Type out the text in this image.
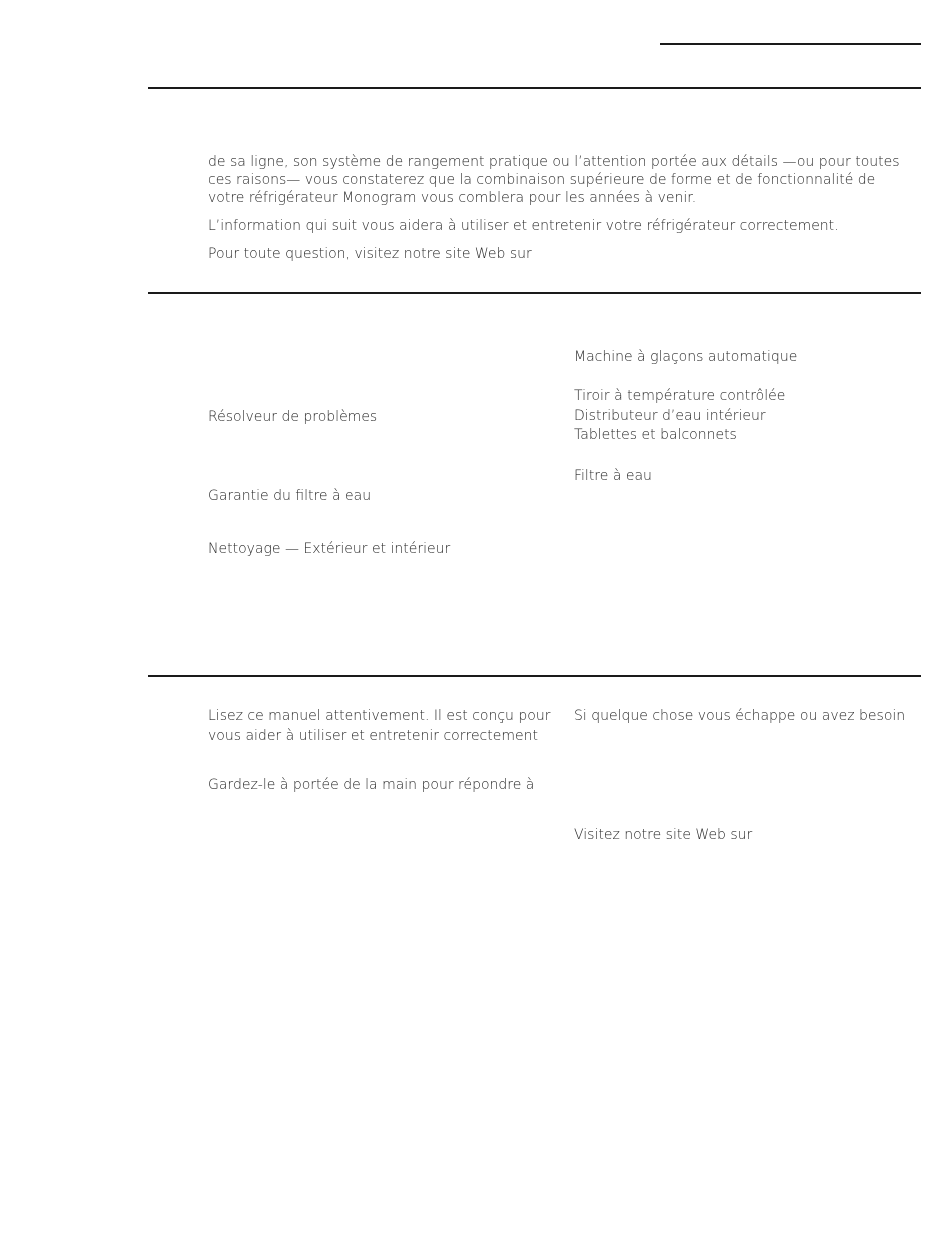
de sa ligne, son système de rangement pratique ou l’attention portée aux détails —ou pour toutes ces raisons— vous constaterez que la combinaison supérieure de forme et de fonctionnalité de votre réfrigérateur Monogram vous comblera pour les années à venir.

L’information qui suit vous aidera à utiliser et entretenir votre réfrigérateur correctement.

Pour toute question, visitez notre site Web sur

Machine à glaçons automatique

Tiroir à température contrôlée
Distributeur d’eau intérieur
Tablettes et balconnets

Filtre à eau

Résolveur de problèmes

Garantie du filtre à eau

Nettoyage — Extérieur et intérieur

Lisez ce manuel attentivement. Il est conçu pour

vous aider à utiliser et entretenir correctement

Gardez-le à portée de la main pour répondre à

Si quelque chose vous échappe ou avez besoin

Visitez notre site Web sur
